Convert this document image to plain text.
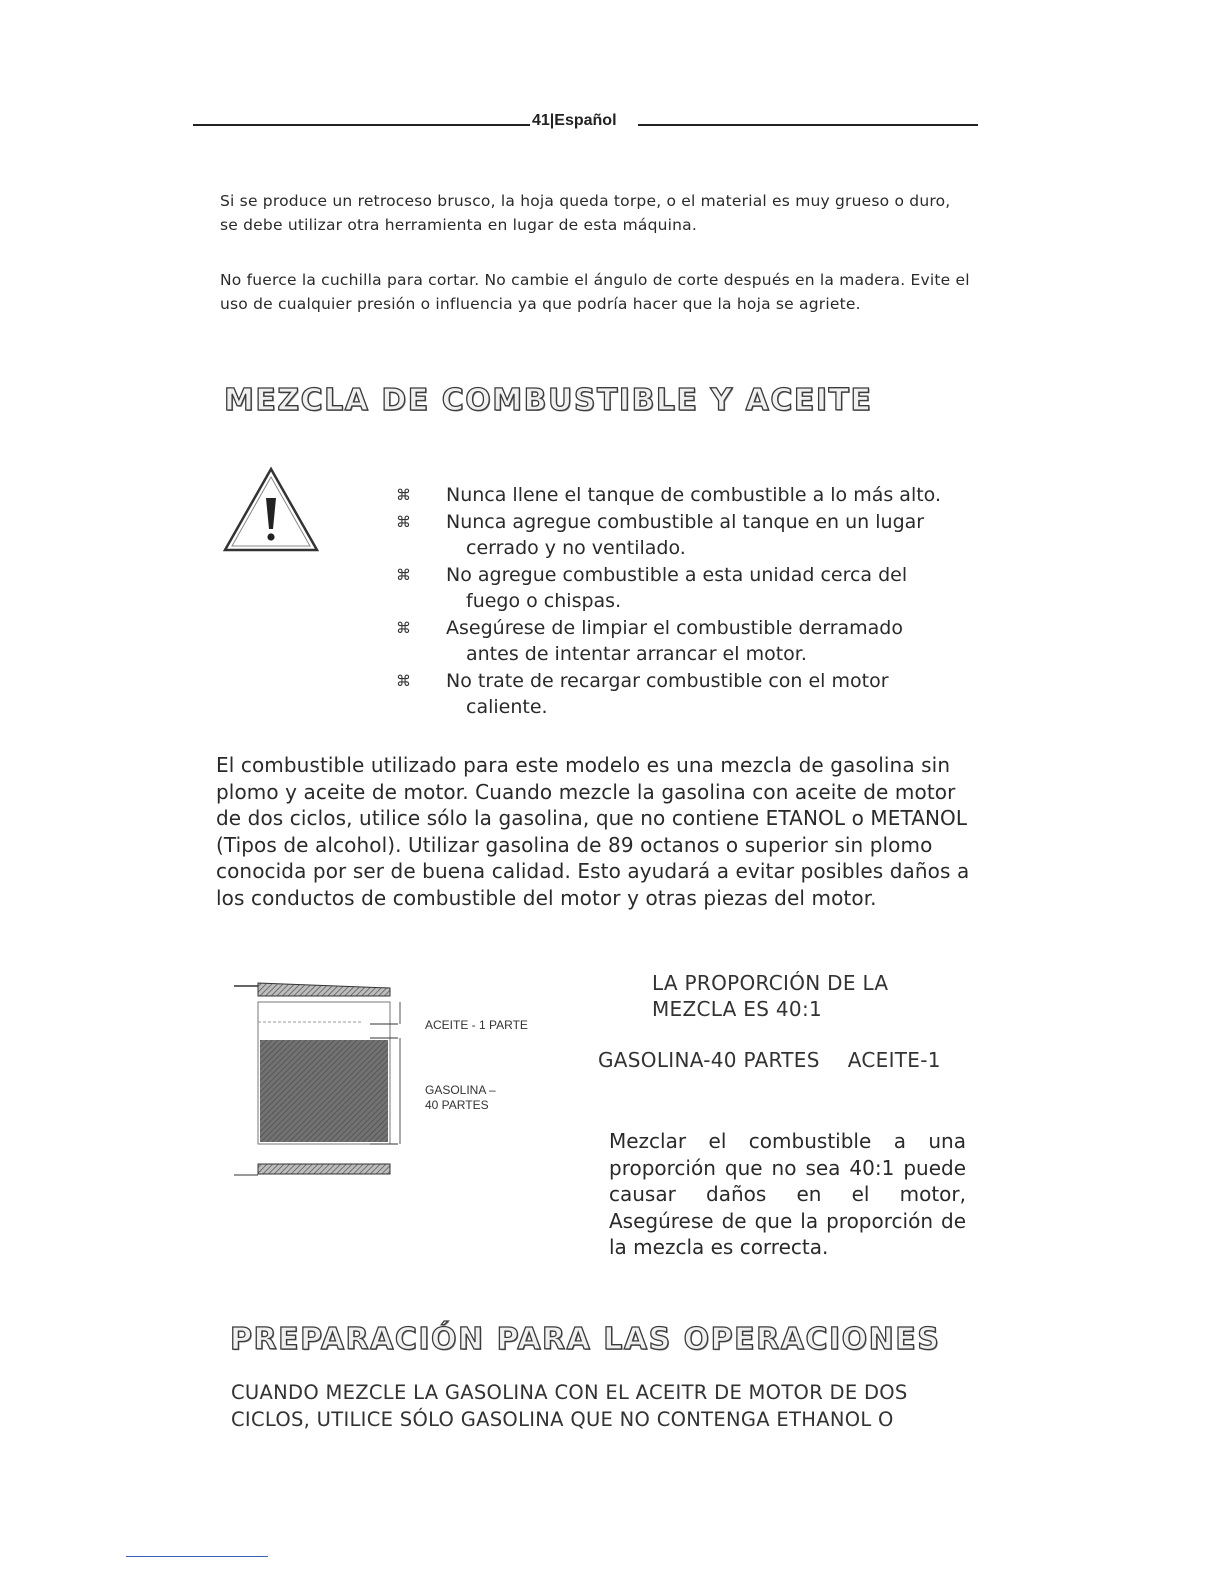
41|Español
Si se produce un retroceso brusco, la hoja queda torpe, o el material es muy grueso o duro, se debe utilizar otra herramienta en lugar de esta máquina.
No fuerce la cuchilla para cortar. No cambie el ángulo de corte después en la madera. Evite el uso de cualquier presión o influencia ya que podría hacer que la hoja se agriete.
MEZCLA DE COMBUSTIBLE Y ACEITE
⌘ Nunca llene el tanque de combustible a lo más alto.
⌘ Nunca agregue combustible al tanque en un lugar
cerrado y no ventilado.
⌘ No agregue combustible a esta unidad cerca del
fuego o chispas.
⌘ Asegúrese de limpiar el combustible derramado
antes de intentar arrancar el motor.
⌘ No trate de recargar combustible con el motor
caliente.
El combustible utilizado para este modelo es una mezcla de gasolina sin plomo y aceite de motor. Cuando mezcle la gasolina con aceite de motor de dos ciclos, utilice sólo la gasolina, que no contiene ETANOL o METANOL (Tipos de alcohol). Utilizar gasolina de 89 octanos o superior sin plomo conocida por ser de buena calidad. Esto ayudará a evitar posibles daños a los conductos de combustible del motor y otras piezas del motor.
ACEITE - 1 PARTE
GASOLINA –
40 PARTES
LA PROPORCIÓN DE LA
MEZCLA ES 40:1
GASOLINA-40 PARTES ACEITE-1
Mezclar el combustible a una proporción que no sea 40:1 puede causar daños en el motor, Asegúrese de que la proporción de la mezcla es correcta.
PREPARACIÓN PARA LAS OPERACIONES
CUANDO MEZCLE LA GASOLINA CON EL ACEITR DE MOTOR DE DOS
CICLOS, UTILICE SÓLO GASOLINA QUE NO CONTENGA ETHANOL O
